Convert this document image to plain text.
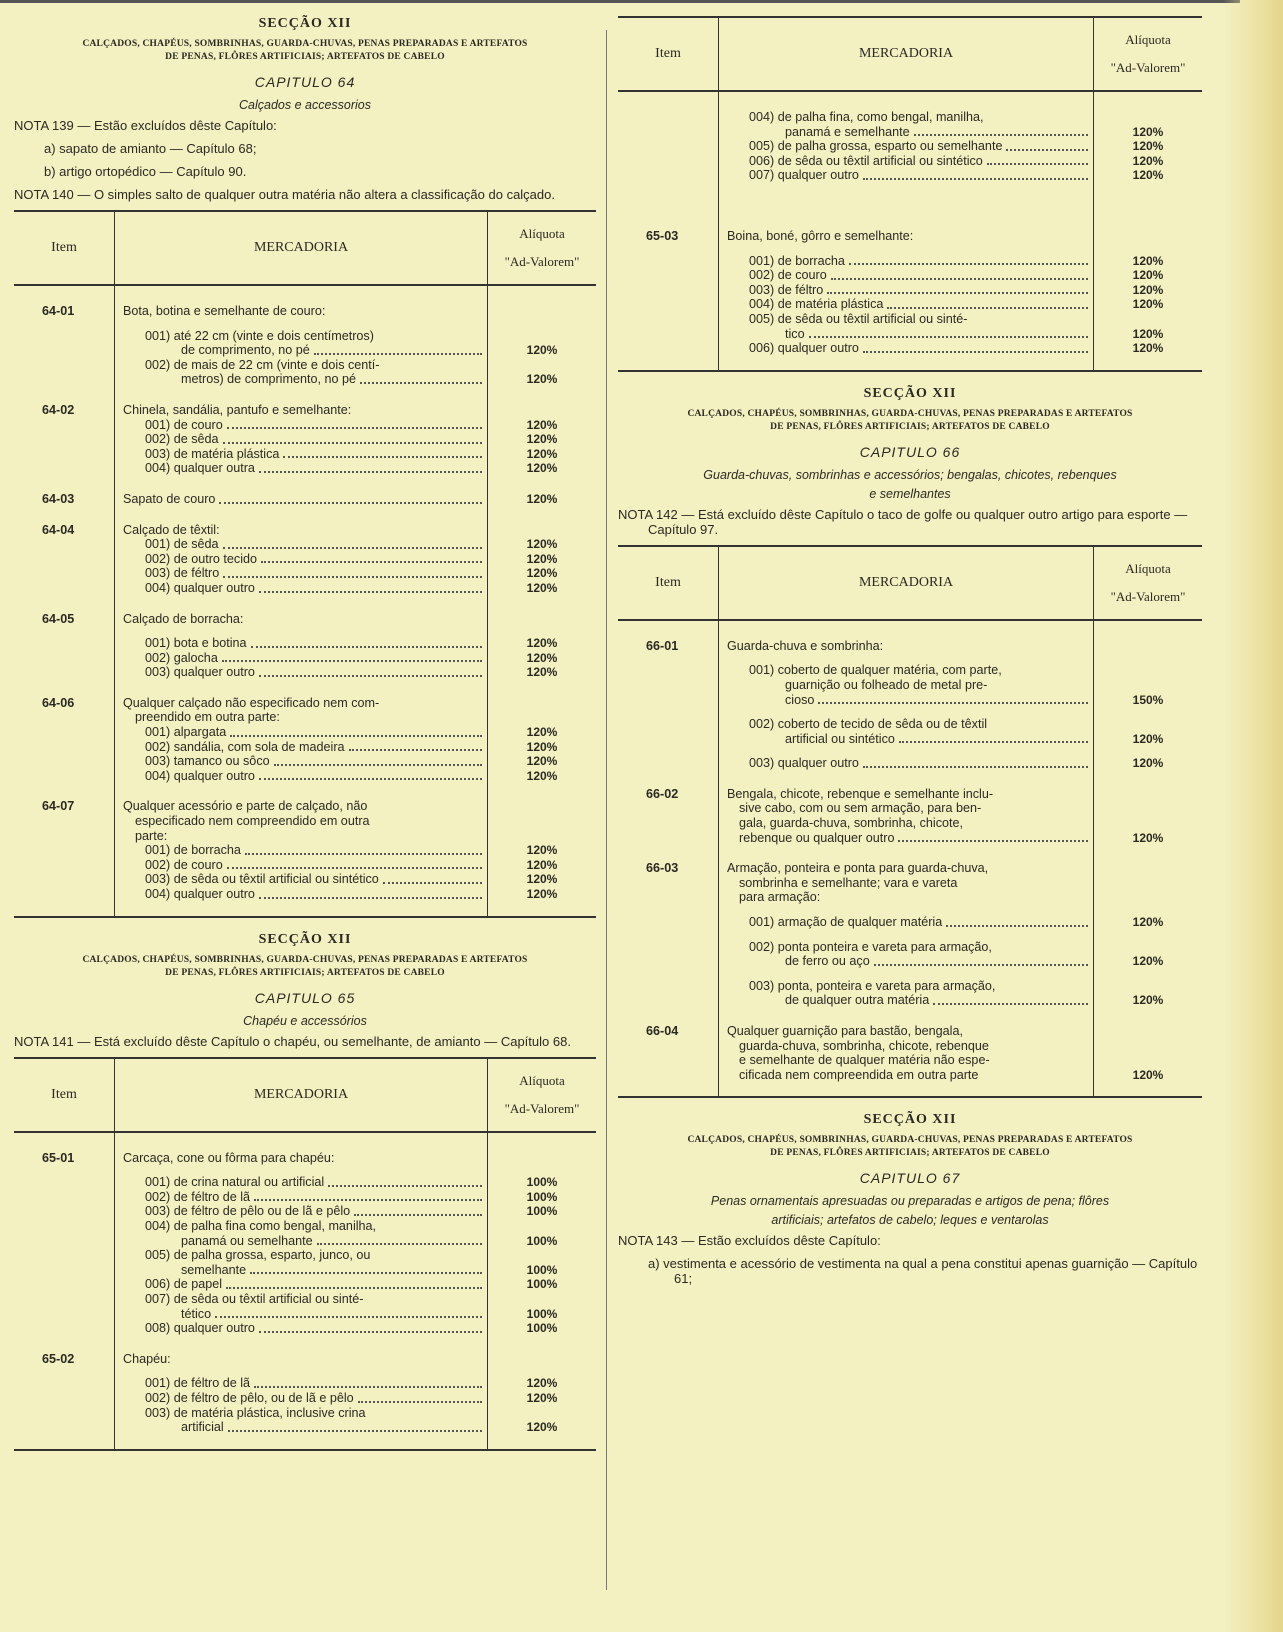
SECÇÃO XII
CALÇADOS, CHAPÉUS, SOMBRINHAS, GUARDA-CHUVAS, PENAS PREPARADAS E ARTEFATOS
DE PENAS, FLÔRES ARTIFICIAIS; ARTEFATOS DE CABELO
CAPITULO 64
Calçados e accessorios
NOTA 139 — Estão excluídos dêste Capítulo:
a) sapato de amianto — Capítulo 68;
b) artigo ortopédico — Capítulo 90.
NOTA 140 — O simples salto de qualquer outra matéria não altera a classificação do calçado.
Item	MERCADORIA
Alíquota
"Ad-Valorem"
64-01	Bota, botina e semelhante de couro:
001) até 22 cm (vinte e dois centímetros)
de comprimento, no pé	120%
002) de mais de 22 cm (vinte e dois centí-
metros) de comprimento, no pé	120%
64-02	Chinela, sandália, pantufo e semelhante:
001) de couro	120%
002) de sêda	120%
003) de matéria plástica	120%
004) qualquer outra	120%
64-03	Sapato de couro	120%
64-04	Calçado de têxtil:
001) de sêda	120%
002) de outro tecido	120%
003) de féltro	120%
004) qualquer outro	120%
64-05	Calçado de borracha:
001) bota e botina	120%
002) galocha	120%
003) qualquer outro	120%
64-06	Qualquer calçado não especificado nem com-
preendido em outra parte:
001) alpargata	120%
002) sandália, com sola de madeira	120%
003) tamanco ou sôco	120%
004) qualquer outro	120%
64-07	Qualquer acessório e parte de calçado, não
especificado nem compreendido em outra
parte:
001) de borracha	120%
002) de couro	120%
003) de sêda ou têxtil artificial ou sintético	120%
004) qualquer outro	120%
SECÇÃO XII
CALÇADOS, CHAPÉUS, SOMBRINHAS, GUARDA-CHUVAS, PENAS PREPARADAS E ARTEFATOS
DE PENAS, FLÔRES ARTIFICIAIS; ARTEFATOS DE CABELO
CAPITULO 65
Chapéu e accessórios
NOTA 141 — Está excluído dêste Capítulo o chapéu, ou semelhante, de amianto — Capítulo 68.
Item	MERCADORIA
Alíquota
"Ad-Valorem"
65-01	Carcaça, cone ou fôrma para chapéu:
001) de crina natural ou artificial	100%
002) de féltro de lã	100%
003) de féltro de pêlo ou de lã e pêlo	100%
004) de palha fina como bengal, manilha,
panamá ou semelhante	100%
005) de palha grossa, esparto, junco, ou
semelhante	100%
006) de papel	100%
007) de sêda ou têxtil artificial ou sinté-
tético	100%
008) qualquer outro	100%
65-02	Chapéu:
001) de féltro de lã	120%
002) de féltro de pêlo, ou de lã e pêlo	120%
003) de matéria plástica, inclusive crina
artificial	120%
Item	MERCADORIA
Alíquota
"Ad-Valorem"
004) de palha fina, como bengal, manilha,
panamá e semelhante	120%
005) de palha grossa, esparto ou semelhante	120%
006) de sêda ou têxtil artificial ou sintético	120%
007) qualquer outro	120%
65-03	Boina, boné, gôrro e semelhante:
001) de borracha	120%
002) de couro	120%
003) de féltro	120%
004) de matéria plástica	120%
005) de sêda ou têxtil artificial ou sinté-
tico	120%
006) qualquer outro	120%
SECÇÃO XII
CALÇADOS, CHAPÉUS, SOMBRINHAS, GUARDA-CHUVAS, PENAS PREPARADAS E ARTEFATOS
DE PENAS, FLÔRES ARTIFICIAIS; ARTEFATOS DE CABELO
CAPITULO 66
Guarda-chuvas, sombrinhas e accessórios; bengalas, chicotes, rebenques
e semelhantes
NOTA 142 — Está excluído dêste Capítulo o taco de golfe ou qualquer outro artigo para esporte — Capítulo 97.
Item	MERCADORIA
Alíquota
"Ad-Valorem"
66-01	Guarda-chuva e sombrinha:
001) coberto de qualquer matéria, com parte,
guarnição ou folheado de metal pre-
cioso	150%
002) coberto de tecido de sêda ou de têxtil
artificial ou sintético	120%
003) qualquer outro	120%
66-02	Bengala, chicote, rebenque e semelhante inclu-
sive cabo, com ou sem armação, para ben-
gala, guarda-chuva, sombrinha, chicote,
rebenque ou qualquer outro	120%
66-03	Armação, ponteira e ponta para guarda-chuva,
sombrinha e semelhante; vara e vareta
para armação:
001) armação de qualquer matéria	120%
002) ponta ponteira e vareta para armação,
de ferro ou aço	120%
003) ponta, ponteira e vareta para armação,
de qualquer outra matéria	120%
66-04	Qualquer guarnição para bastão, bengala,
guarda-chuva, sombrinha, chicote, rebenque
e semelhante de qualquer matéria não espe-
cificada nem compreendida em outra parte	120%
SECÇÃO XII
CALÇADOS, CHAPÉUS, SOMBRINHAS, GUARDA-CHUVAS, PENAS PREPARADAS E ARTEFATOS
DE PENAS, FLÔRES ARTIFICIAIS; ARTEFATOS DE CABELO
CAPITULO 67
Penas ornamentais apresuadas ou preparadas e artigos de pena; flôres
artificiais; artefatos de cabelo; leques e ventarolas
NOTA 143 — Estão excluídos dêste Capítulo:
a) vestimenta e acessório de vestimenta na qual a pena constitui apenas guarnição — Capítulo 61;
